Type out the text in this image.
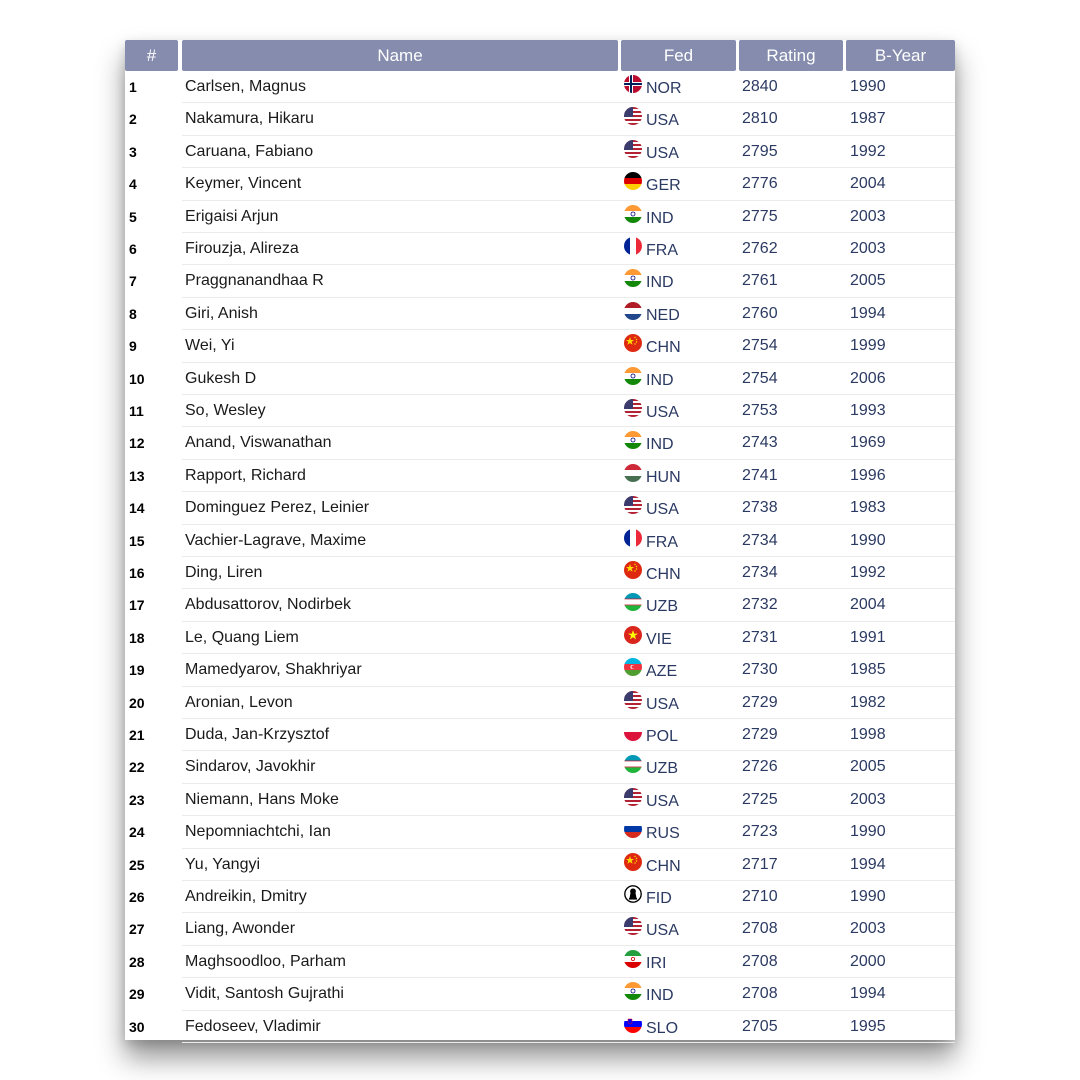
#	Name	Fed	Rating	B-Year
1	Carlsen, Magnus	NOR	2840	1990
2	Nakamura, Hikaru	USA	2810	1987
3	Caruana, Fabiano	USA	2795	1992
4	Keymer, Vincent	GER	2776	2004
5	Erigaisi Arjun	IND	2775	2003
6	Firouzja, Alireza	FRA	2762	2003
7	Praggnanandhaa R	IND	2761	2005
8	Giri, Anish	NED	2760	1994
9	Wei, Yi	CHN	2754	1999
10	Gukesh D	IND	2754	2006
11	So, Wesley	USA	2753	1993
12	Anand, Viswanathan	IND	2743	1969
13	Rapport, Richard	HUN	2741	1996
14	Dominguez Perez, Leinier	USA	2738	1983
15	Vachier-Lagrave, Maxime	FRA	2734	1990
16	Ding, Liren	CHN	2734	1992
17	Abdusattorov, Nodirbek	UZB	2732	2004
18	Le, Quang Liem	VIE	2731	1991
19	Mamedyarov, Shakhriyar	AZE	2730	1985
20	Aronian, Levon	USA	2729	1982
21	Duda, Jan-Krzysztof	POL	2729	1998
22	Sindarov, Javokhir	UZB	2726	2005
23	Niemann, Hans Moke	USA	2725	2003
24	Nepomniachtchi, Ian	RUS	2723	1990
25	Yu, Yangyi	CHN	2717	1994
26	Andreikin, Dmitry	FID	2710	1990
27	Liang, Awonder	USA	2708	2003
28	Maghsoodloo, Parham	IRI	2708	2000
29	Vidit, Santosh Gujrathi	IND	2708	1994
30	Fedoseev, Vladimir	SLO	2705	1995
